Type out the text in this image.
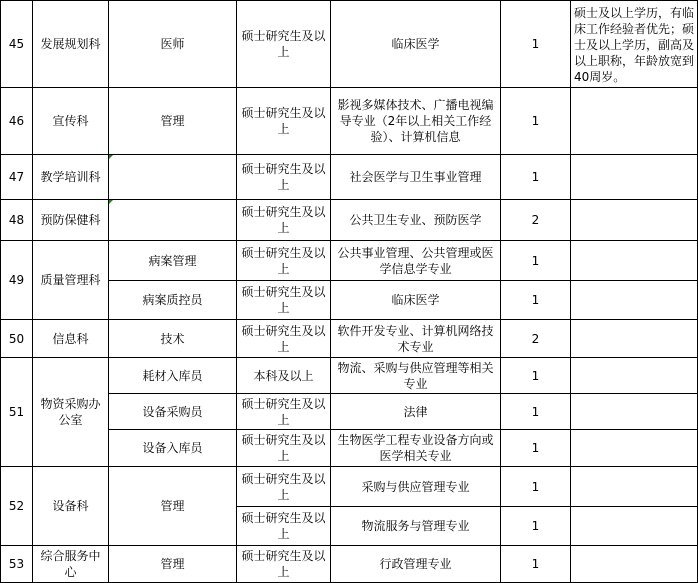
45	发展规划科	医师	硕士研究生及以上	临床医学	1	硕士及以上学历，有临床工作经验者优先；硕士及以上学历，副高及以上职称，年龄放宽到40周岁。
46	宣传科	管理	硕士研究生及以上	影视多媒体技术、广播电视编导专业（2年以上相关工作经验）、计算机信息	1	
47	教学培训科		硕士研究生及以上	社会医学与卫生事业管理	1	
48	预防保健科		硕士研究生及以上	公共卫生专业、预防医学	2	
49	质量管理科	病案管理	硕士研究生及以上	公共事业管理、公共管理或医学信息学专业	1	
		病案质控员	硕士研究生及以上	临床医学	1	
50	信息科	技术	硕士研究生及以上	软件开发专业、计算机网络技术专业	2	
51	物资采购办公室	耗材入库员	本科及以上	物流、采购与供应管理等相关专业	1	
		设备采购员	硕士研究生及以上	法律	1	
		设备入库员	硕士研究生及以上	生物医学工程专业设备方向或医学相关专业	1	
52	设备科	管理	硕士研究生及以上	采购与供应管理专业	1	
			硕士研究生及以上	物流服务与管理专业	1	
53	综合服务中心	管理	硕士研究生及以上	行政管理专业	1	
